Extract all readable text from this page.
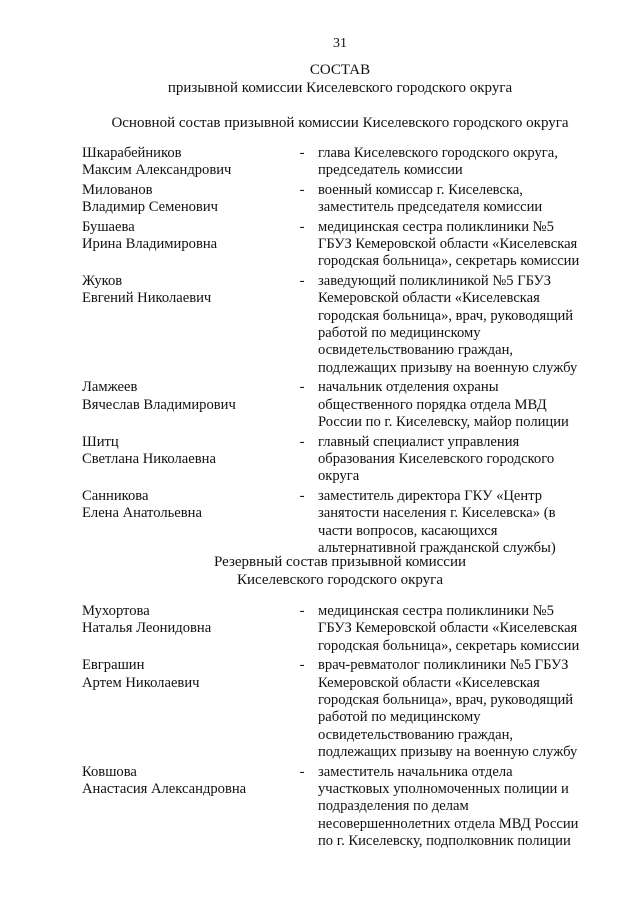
31
СОСТАВ
призывной комиссии Киселевского городского округа
Основной состав призывной комиссии Киселевского городского округа
Шкарабейников
Максим Александрович
- глава Киселевского городского округа,
председатель комиссии
Милованов
Владимир Семенович
- военный комиссар г. Киселевска,
заместитель председателя комиссии
Бушаева
Ирина Владимировна
- медицинская сестра поликлиники №5
ГБУЗ Кемеровской области «Киселевская
городская больница», секретарь комиссии
Жуков
Евгений Николаевич
- заведующий поликлиникой №5 ГБУЗ
Кемеровской области «Киселевская
городская больница», врач, руководящий
работой по медицинскому
освидетельствованию граждан,
подлежащих призыву на военную службу
Ламжеев
Вячеслав Владимирович
- начальник отделения охраны
общественного порядка отдела МВД
России по г. Киселевску, майор полиции
Шитц
Светлана Николаевна
- главный специалист управления
образования Киселевского городского
округа
Санникова
Елена Анатольевна
- заместитель директора ГКУ «Центр
занятости населения г. Киселевска» (в
части вопросов, касающихся
альтернативной гражданской службы)
Резервный состав призывной комиссии
Киселевского городского округа
Мухортова
Наталья Леонидовна
- медицинская сестра поликлиники №5
ГБУЗ Кемеровской области «Киселевская
городская больница», секретарь комиссии
Евграшин
Артем Николаевич
- врач-ревматолог поликлиники №5 ГБУЗ
Кемеровской области «Киселевская
городская больница», врач, руководящий
работой по медицинскому
освидетельствованию граждан,
подлежащих призыву на военную службу
Ковшова
Анастасия Александровна
- заместитель начальника отдела
участковых уполномоченных полиции и
подразделения по делам
несовершеннолетних отдела МВД России
по г. Киселевску, подполковник полиции
